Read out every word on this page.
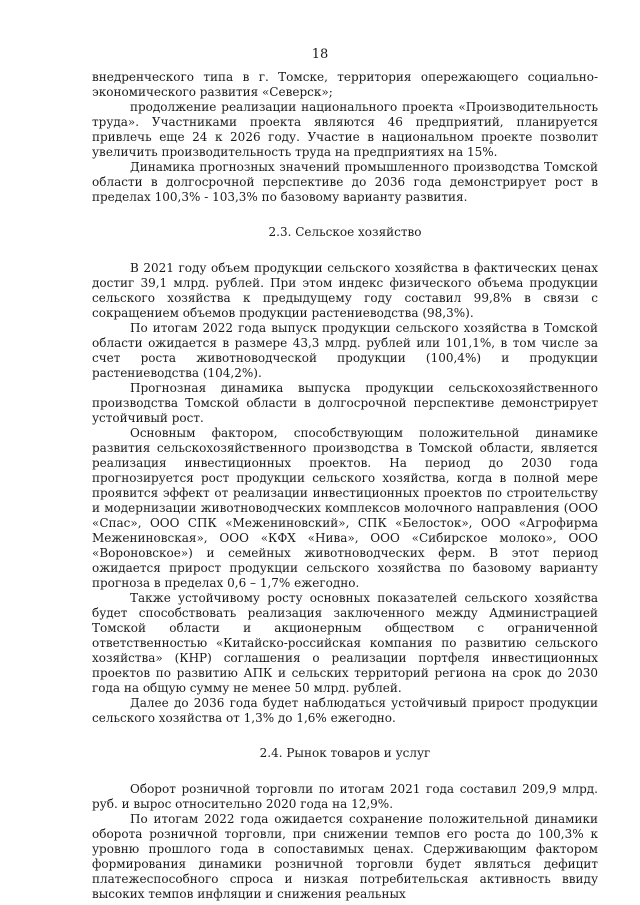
18

внедренческого типа в г. Томске, территория опережающего социально-экономического развития «Северск»;

продолжение реализации национального проекта «Производительность труда». Участниками проекта являются 46 предприятий, планируется привлечь еще 24 к 2026 году. Участие в национальном проекте позволит увеличить производительность труда на предприятиях на 15%.

Динамика прогнозных значений промышленного производства Томской области в долгосрочной перспективе до 2036 года демонстрирует рост в пределах 100,3% - 103,3% по базовому варианту развития.

2.3. Сельское хозяйство

В 2021 году объем продукции сельского хозяйства в фактических ценах достиг 39,1 млрд. рублей. При этом индекс физического объема продукции сельского хозяйства к предыдущему году составил 99,8% в связи с сокращением объемов продукции растениеводства (98,3%).

По итогам 2022 года выпуск продукции сельского хозяйства в Томской области ожидается в размере 43,3 млрд. рублей или 101,1%, в том числе за счет роста животноводческой продукции (100,4%) и продукции растениеводства (104,2%).

Прогнозная динамика выпуска продукции сельскохозяйственного производства Томской области в долгосрочной перспективе демонстрирует устойчивый рост.

Основным фактором, способствующим положительной динамике развития сельскохозяйственного производства в Томской области, является реализация инвестиционных проектов. На период до 2030 года прогнозируется рост продукции сельского хозяйства, когда в полной мере проявится эффект от реализации инвестиционных проектов по строительству и модернизации животноводческих комплексов молочного направления (ООО «Спас», ООО СПК «Межениновский», СПК «Белосток», ООО «Агрофирма Межениновская», ООО «КФХ «Нива», ООО «Сибирское молоко», ООО «Вороновское») и семейных животноводческих ферм. В этот период ожидается прирост продукции сельского хозяйства по базовому варианту прогноза в пределах 0,6 – 1,7% ежегодно.

Также устойчивому росту основных показателей сельского хозяйства будет способствовать реализация заключенного между Администрацией Томской области и акционерным обществом с ограниченной ответственностью «Китайско-российская компания по развитию сельского хозяйства» (КНР) соглашения о реализации портфеля инвестиционных проектов по развитию АПК и сельских территорий региона на срок до 2030 года на общую сумму не менее 50 млрд. рублей.

Далее до 2036 года будет наблюдаться устойчивый прирост продукции сельского хозяйства от 1,3% до 1,6% ежегодно.

2.4. Рынок товаров и услуг

Оборот розничной торговли по итогам 2021 года составил 209,9 млрд. руб. и вырос относительно 2020 года на 12,9%.

По итогам 2022 года ожидается сохранение положительной динамики оборота розничной торговли, при снижении темпов его роста до 100,3% к уровню прошлого года в сопоставимых ценах. Сдерживающим фактором формирования динамики розничной торговли будет являться дефицит платежеспособного спроса и низкая потребительская активность ввиду высоких темпов инфляции и снижения реальных
